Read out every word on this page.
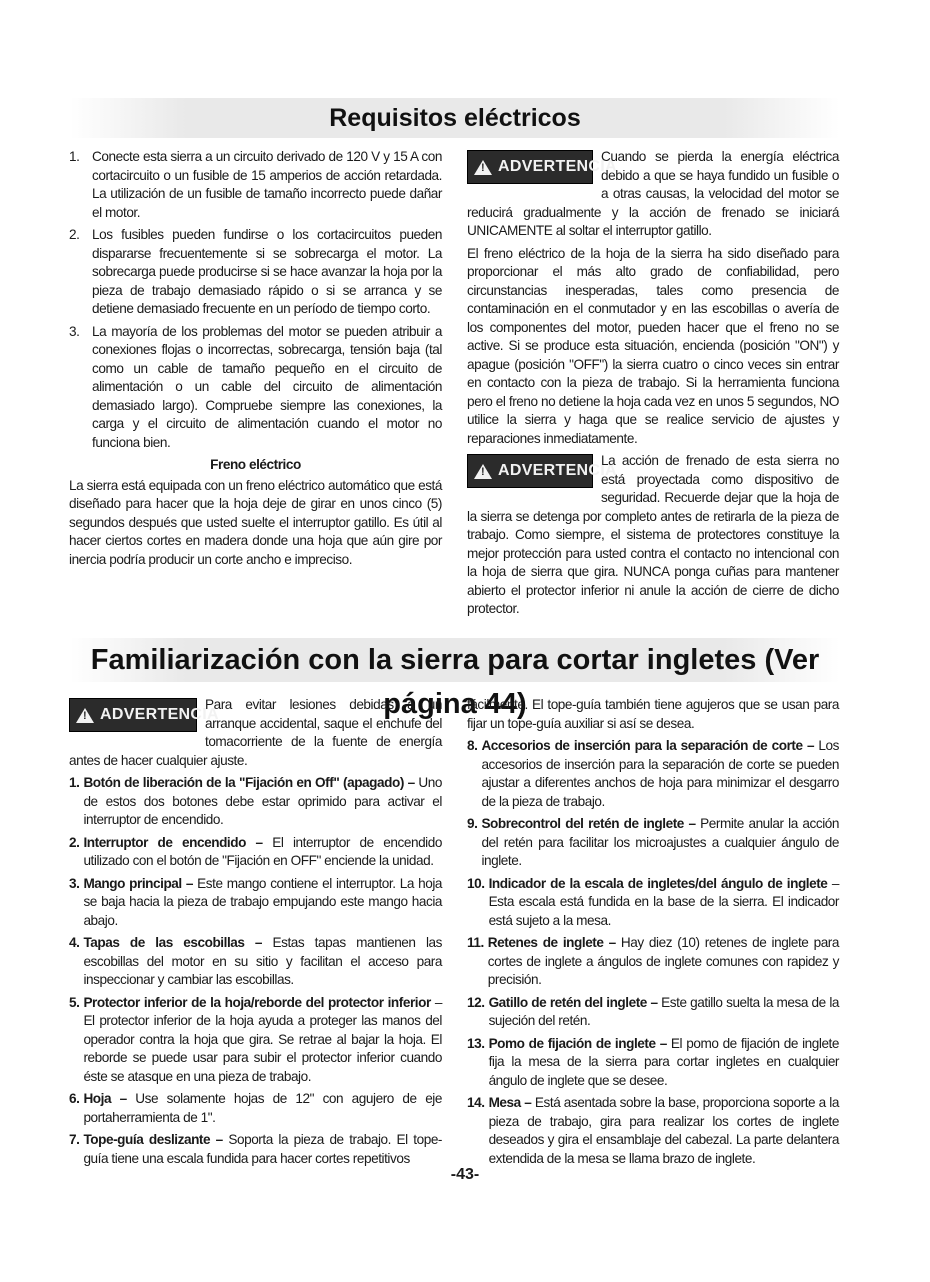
Requisitos eléctricos
1. Conecte esta sierra a un circuito derivado de 120 V y 15 A con cortacircuito o un fusible de 15 amperios de acción retardada. La utilización de un fusible de tamaño incorrecto puede dañar el motor.
2. Los fusibles pueden fundirse o los cortacircuitos pueden dispararse frecuentemente si se sobrecarga el motor. La sobrecarga puede producirse si se hace avanzar la hoja por la pieza de trabajo demasiado rápido o si se arranca y se detiene demasiado frecuente en un período de tiempo corto.
3. La mayoría de los problemas del motor se pueden atribuir a conexiones flojas o incorrectas, sobrecarga, tensión baja (tal como un cable de tamaño pequeño en el circuito de alimentación o un cable del circuito de alimentación demasiado largo). Compruebe siempre las conexiones, la carga y el circuito de alimentación cuando el motor no funciona bien.
Freno eléctrico

La sierra está equipada con un freno eléctrico automático que está diseñado para hacer que la hoja deje de girar en unos cinco (5) segundos después que usted suelte el interruptor gatillo. Es útil al hacer ciertos cortes en madera donde una hoja que aún gire por inercia podría producir un corte ancho e impreciso.

!
ADVERTENCIA

Cuando se pierda la energía eléctrica debido a que se haya fundido un fusible o a otras causas, la velocidad del motor se reducirá gradualmente y la acción de frenado se iniciará UNICAMENTE al soltar el interruptor gatillo.

El freno eléctrico de la hoja de la sierra ha sido diseñado para proporcionar el más alto grado de confiabilidad, pero circunstancias inesperadas, tales como presencia de contaminación en el conmutador y en las escobillas o avería de los componentes del motor, pueden hacer que el freno no se active. Si se produce esta situación, encienda (posición "ON") y apague (posición "OFF") la sierra cuatro o cinco veces sin entrar en contacto con la pieza de trabajo. Si la herramienta funciona pero el freno no detiene la hoja cada vez en unos 5 segundos, NO utilice la sierra y haga que se realice servicio de ajustes y reparaciones inmediatamente.

!
ADVERTENCIA

La acción de frenado de esta sierra no está proyectada como dispositivo de seguridad. Recuerde dejar que la hoja de la sierra se detenga por completo antes de retirarla de la pieza de trabajo. Como siempre, el sistema de protectores constituye la mejor protección para usted contra el contacto no intencional con la hoja de sierra que gira. NUNCA ponga cuñas para mantener abierto el protector inferior ni anule la acción de cierre de dicho protector.

Familiarización con la sierra para cortar ingletes (Ver página 44)
!
ADVERTENCIA

Para evitar lesiones debidas a un arranque accidental, saque el enchufe del tomacorriente de la fuente de energía antes de hacer cualquier ajuste.

1. Botón de liberación de la "Fijación en Off" (apagado) – Uno de estos dos botones debe estar oprimido para activar el interruptor de encendido.
2. Interruptor de encendido – El interruptor de encendido utilizado con el botón de "Fijación en OFF" enciende la unidad.
3. Mango principal – Este mango contiene el interruptor. La hoja se baja hacia la pieza de trabajo empujando este mango hacia abajo.
4. Tapas de las escobillas – Estas tapas mantienen las escobillas del motor en su sitio y facilitan el acceso para inspeccionar y cambiar las escobillas.
5. Protector inferior de la hoja/reborde del protector inferior – El protector inferior de la hoja ayuda a proteger las manos del operador contra la hoja que gira. Se retrae al bajar la hoja. El reborde se puede usar para subir el protector inferior cuando éste se atasque en una pieza de trabajo.
6. Hoja – Use solamente hojas de 12" con agujero de eje portaherramienta de 1".
7. Tope-guía deslizante – Soporta la pieza de trabajo. El tope-guía tiene una escala fundida para hacer cortes repetitivos

fácilmente. El tope-guía también tiene agujeros que se usan para fijar un tope-guía auxiliar si así se desea.

8. Accesorios de inserción para la separación de corte – Los accesorios de inserción para la separación de corte se pueden ajustar a diferentes anchos de hoja para minimizar el desgarro de la pieza de trabajo.
9. Sobrecontrol del retén de inglete – Permite anular la acción del retén para facilitar los microajustes a cualquier ángulo de inglete.
10. Indicador de la escala de ingletes/del ángulo de inglete – Esta escala está fundida en la base de la sierra. El indicador está sujeto a la mesa.
11. Retenes de inglete – Hay diez (10) retenes de inglete para cortes de inglete a ángulos de inglete comunes con rapidez y precisión.
12. Gatillo de retén del inglete – Este gatillo suelta la mesa de la sujeción del retén.
13. Pomo de fijación de inglete – El pomo de fijación de inglete fija la mesa de la sierra para cortar ingletes en cualquier ángulo de inglete que se desee.
14. Mesa – Está asentada sobre la base, proporciona soporte a la pieza de trabajo, gira para realizar los cortes de inglete deseados y gira el ensamblaje del cabezal. La parte delantera extendida de la mesa se llama brazo de inglete.
-43-
